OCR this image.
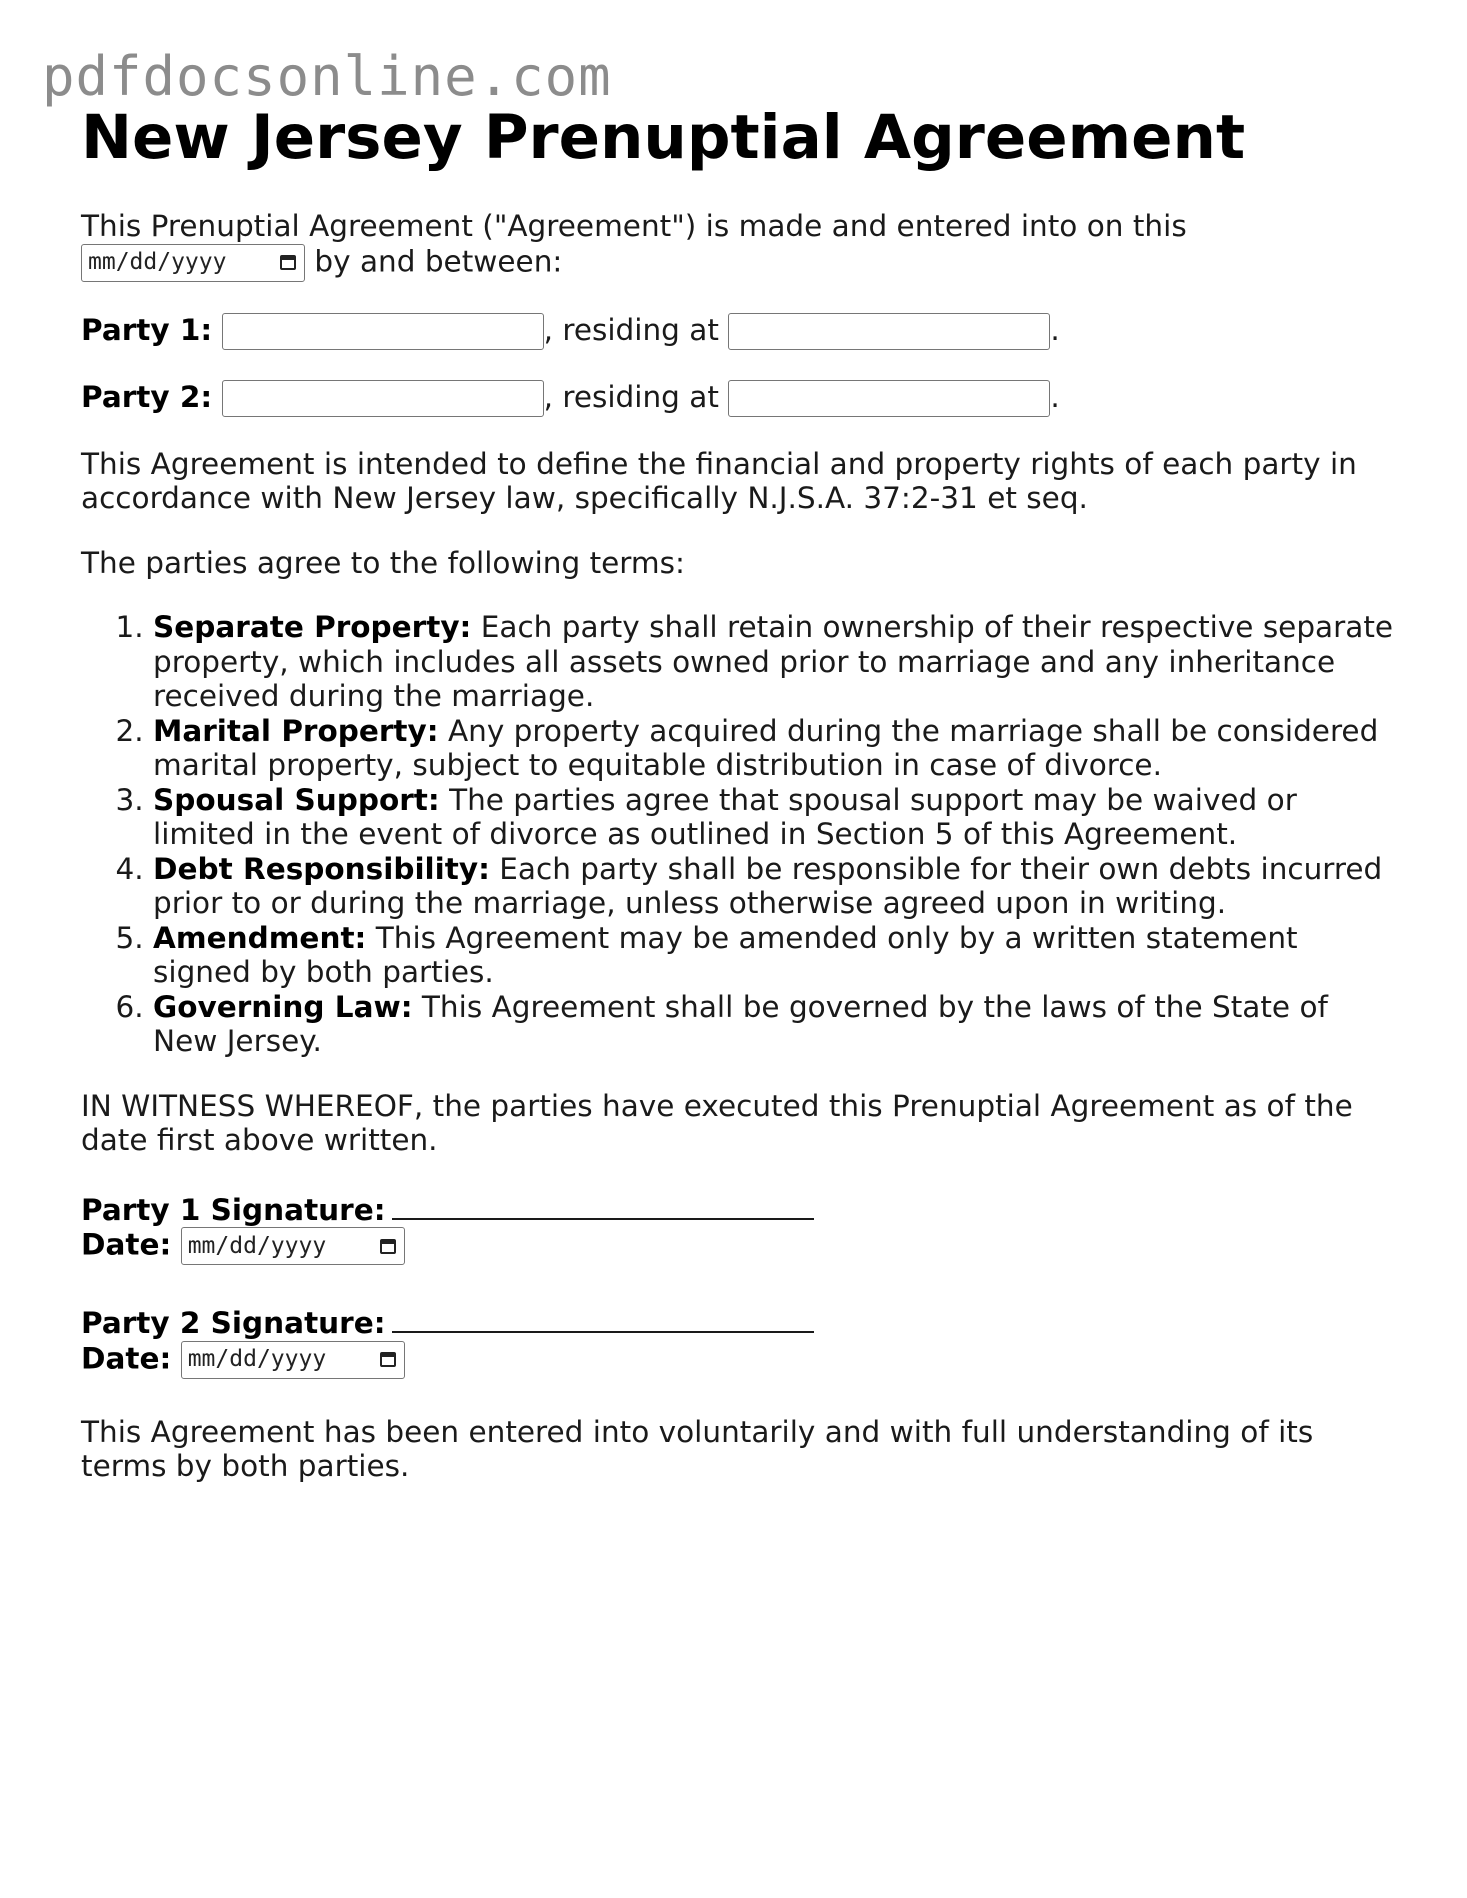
pdfdocsonline.com
New Jersey Prenuptial Agreement

This Prenuptial Agreement ("Agreement") is made and entered into on this

mm/dd/yyyy	by and between:

Party 1:	, residing at	.
Party 2:	, residing at	.

This Agreement is intended to define the financial and property rights of each party in accordance with New Jersey law, specifically N.J.S.A. 37:2-31 et seq.

The parties agree to the following terms:

1. Separate Property: Each party shall retain ownership of their respective separate property, which includes all assets owned prior to marriage and any inheritance received during the marriage.
2. Marital Property: Any property acquired during the marriage shall be considered marital property, subject to equitable distribution in case of divorce.
3. Spousal Support: The parties agree that spousal support may be waived or limited in the event of divorce as outlined in Section 5 of this Agreement.
4. Debt Responsibility: Each party shall be responsible for their own debts incurred prior to or during the marriage, unless otherwise agreed upon in writing.
5. Amendment: This Agreement may be amended only by a written statement signed by both parties.
6. Governing Law: This Agreement shall be governed by the laws of the State of New Jersey.

IN WITNESS WHEREOF, the parties have executed this Prenuptial Agreement as of the date first above written.

Party 1 Signature:
Date: mm/dd/yyyy
Party 2 Signature:
Date: mm/dd/yyyy

This Agreement has been entered into voluntarily and with full understanding of its terms by both parties.
